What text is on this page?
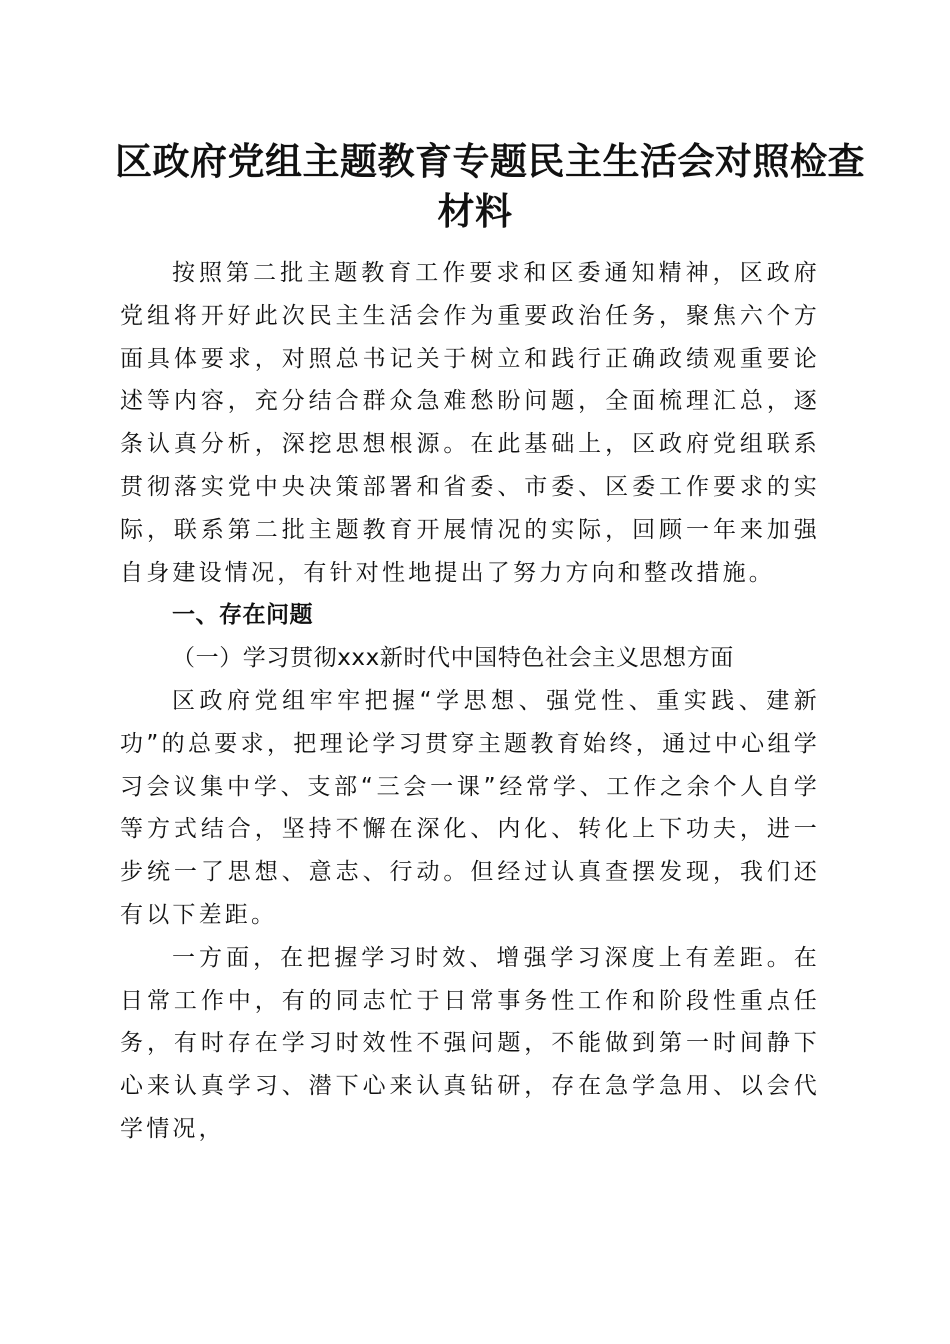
区政府党组主题教育专题民主生活会对照检查
材料

按照第二批主题教育工作要求和区委通知精神，区政府党组将开好此次民主生活会作为重要政治任务，聚焦六个方面具体要求，对照总书记关于树立和践行正确政绩观重要论述等内容，充分结合群众急难愁盼问题，全面梳理汇总，逐条认真分析，深挖思想根源。在此基础上，区政府党组联系贯彻落实党中央决策部署和省委、市委、区委工作要求的实际，联系第二批主题教育开展情况的实际，回顾一年来加强自身建设情况，有针对性地提出了努力方向和整改措施。

一、存在问题

（一）学习贯彻xxx新时代中国特色社会主义思想方面

区政府党组牢牢把握“学思想、强党性、重实践、建新功”的总要求，把理论学习贯穿主题教育始终，通过中心组学习会议集中学、支部“三会一课”经常学、工作之余个人自学等方式结合，坚持不懈在深化、内化、转化上下功夫，进一步统一了思想、意志、行动。但经过认真查摆发现，我们还有以下差距。

一方面，在把握学习时效、增强学习深度上有差距。在日常工作中，有的同志忙于日常事务性工作和阶段性重点任务，有时存在学习时效性不强问题，不能做到第一时间静下心来认真学习、潜下心来认真钻研，存在急学急用、以会代学情况，
